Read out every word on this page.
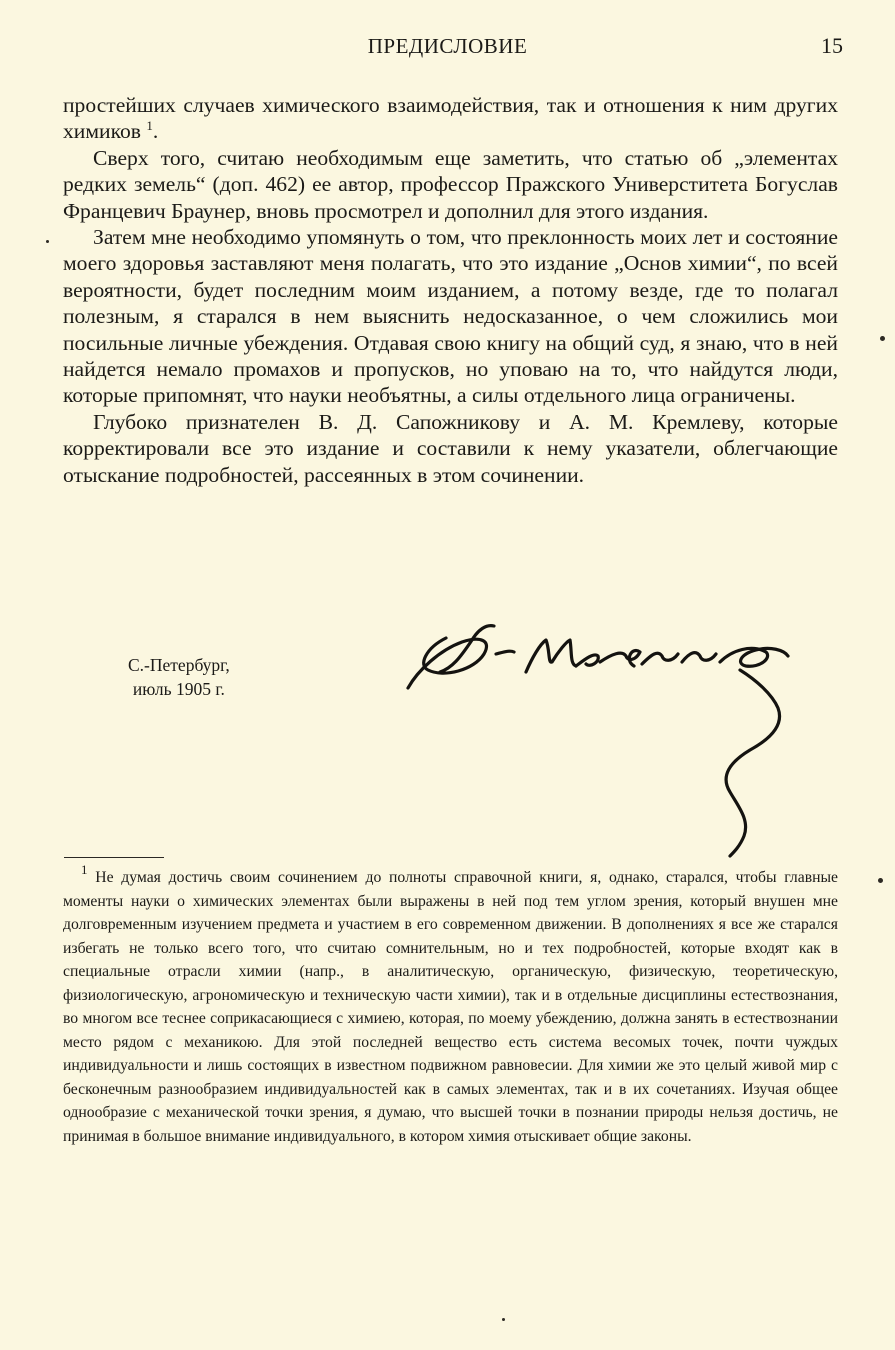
ПРЕДИСЛОВИЕ	15

простейших случаев химического взаимодействия, так и отношения к ним других химиков $^1$.

Сверх того, считаю необходимым еще заметить, что статью об „элементах редких земель“ (доп. 462) ее автор, профессор Пражского Универститета Богуслав Францевич Браунер, вновь просмотрел и дополнил для этого издания.

Затем мне необходимо упомянуть о том, что преклонность моих лет и состояние моего здоровья заставляют меня полагать, что это издание „Основ химии“, по всей вероятности, будет последним моим изданием, а потому везде, где то полагал полезным, я старался в нем выяснить недосказанное, о чем сложились мои посильные личные убеждения. Отдавая свою книгу на общий суд, я знаю, что в ней найдется немало промахов и пропусков, но уповаю на то, что найдутся люди, которые припомнят, что науки необъятны, а силы отдельного лица ограничены.

Глубоко признателен В. Д. Сапожникову и А. М. Кремлеву, которые корректировали все это издание и составили к нему указатели, облегчающие отыскание подробностей, рассеянных в этом сочинении.

С.-Петербург,
июль 1905 г.

$^1$ Не думая достичь своим сочинением до полноты справочной книги, я, однако, старался, чтобы главные моменты науки о химических элементах были выражены в ней под тем углом зрения, который внушен мне долговременным изучением предмета и участием в его современном движении. В дополнениях я все же старался избегать не только всего того, что считаю сомнительным, но и тех подробностей, которые входят как в специальные отрасли химии (напр., в аналитическую, органическую, физическую, теоретическую, физиологическую, агрономическую и техническую части химии), так и в отдельные дисциплины естествознания, во многом все теснее соприкасающиеся с химиею, которая, по моему убеждению, должна занять в естествознании место рядом с механикою. Для этой последней вещество есть система весомых точек, почти чуждых индивидуальности и лишь состоящих в известном подвижном равновесии. Для химии же это целый живой мир с бесконечным разнообразием индивидуальностей как в самых элементах, так и в их сочетаниях. Изучая общее однообразие с механической точки зрения, я думаю, что высшей точки в познании природы нельзя достичь, не принимая в большое внимание индивидуального, в котором химия отыскивает общие законы.
